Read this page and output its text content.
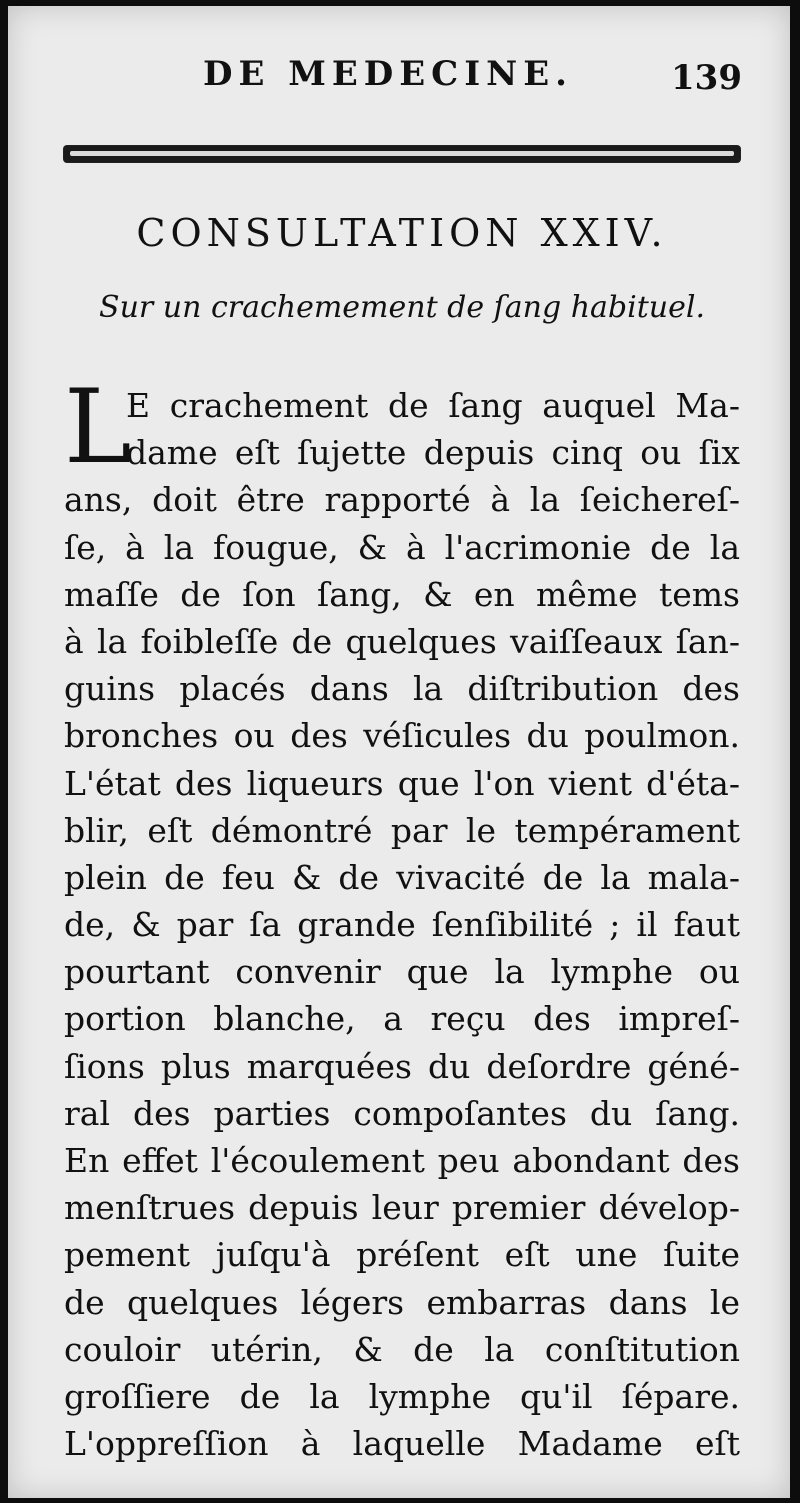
DE MEDECINE.	139
CONSULTATION XXIV.
Sur un crachemement de ſang habituel.
L
E crachement de ſang auquel Ma-
dame eſt ſujette depuis cinq ou ſix
ans, doit être rapporté à la ſeichereſ-
ſe, à la fougue, & à l'acrimonie de la
maſſe de ſon ſang, & en même tems
à la foibleſſe de quelques vaiſſeaux ſan-
guins placés dans la diſtribution des
bronches ou des véſicules du poulmon.
L'état des liqueurs que l'on vient d'éta-
blir, eſt démontré par le tempérament
plein de feu & de vivacité de la mala-
de, & par ſa grande ſenſibilité ; il faut
pourtant convenir que la lymphe ou
portion blanche, a reçu des impreſ-
ſions plus marquées du deſordre géné-
ral des parties compoſantes du ſang.
En effet l'écoulement peu abondant des
menſtrues depuis leur premier dévelop-
pement juſqu'à préſent eſt une ſuite
de quelques légers embarras dans le
couloir utérin, & de la conſtitution
groſſiere de la lymphe qu'il ſépare.
L'oppreſſion à laquelle Madame eſt
